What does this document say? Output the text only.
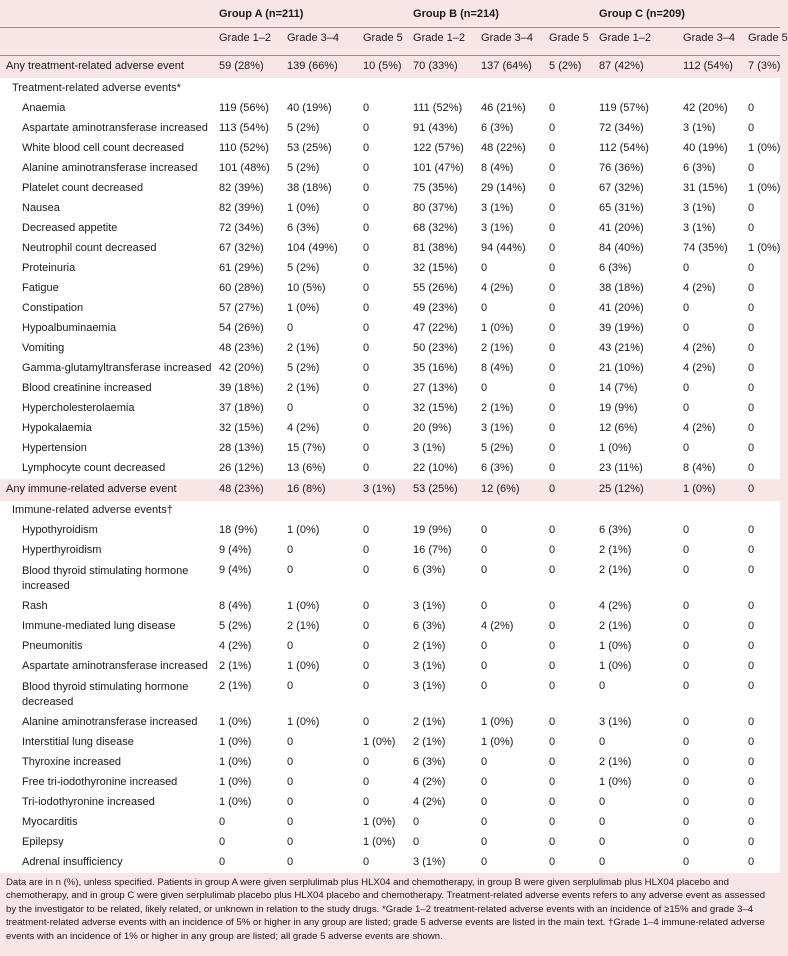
	Group A (n=211)			Group B (n=214)			Group C (n=209)		
	Grade 1–2	Grade 3–4	Grade 5	Grade 1–2	Grade 3–4	Grade 5	Grade 1–2	Grade 3–4	Grade 5
Any treatment-related adverse event	59 (28%)	139 (66%)	10 (5%)	70 (33%)	137 (64%)	5 (2%)	87 (42%)	112 (54%)	7 (3%)
Treatment-related adverse events*									
Anaemia	119 (56%)	40 (19%)	0	111 (52%)	46 (21%)	0	119 (57%)	42 (20%)	0
Aspartate aminotransferase increased	113 (54%)	5 (2%)	0	91 (43%)	6 (3%)	0	72 (34%)	3 (1%)	0
White blood cell count decreased	110 (52%)	53 (25%)	0	122 (57%)	48 (22%)	0	112 (54%)	40 (19%)	1 (0%)
Alanine aminotransferase increased	101 (48%)	5 (2%)	0	101 (47%)	8 (4%)	0	76 (36%)	6 (3%)	0
Platelet count decreased	82 (39%)	38 (18%)	0	75 (35%)	29 (14%)	0	67 (32%)	31 (15%)	1 (0%)
Nausea	82 (39%)	1 (0%)	0	80 (37%)	3 (1%)	0	65 (31%)	3 (1%)	0
Decreased appetite	72 (34%)	6 (3%)	0	68 (32%)	3 (1%)	0	41 (20%)	3 (1%)	0
Neutrophil count decreased	67 (32%)	104 (49%)	0	81 (38%)	94 (44%)	0	84 (40%)	74 (35%)	1 (0%)
Proteinuria	61 (29%)	5 (2%)	0	32 (15%)	0	0	6 (3%)	0	0
Fatigue	60 (28%)	10 (5%)	0	55 (26%)	4 (2%)	0	38 (18%)	4 (2%)	0
Constipation	57 (27%)	1 (0%)	0	49 (23%)	0	0	41 (20%)	0	0
Hypoalbuminaemia	54 (26%)	0	0	47 (22%)	1 (0%)	0	39 (19%)	0	0
Vomiting	48 (23%)	2 (1%)	0	50 (23%)	2 (1%)	0	43 (21%)	4 (2%)	0
Gamma-glutamyltransferase increased	42 (20%)	5 (2%)	0	35 (16%)	8 (4%)	0	21 (10%)	4 (2%)	0
Blood creatinine increased	39 (18%)	2 (1%)	0	27 (13%)	0	0	14 (7%)	0	0
Hypercholesterolaemia	37 (18%)	0	0	32 (15%)	2 (1%)	0	19 (9%)	0	0
Hypokalaemia	32 (15%)	4 (2%)	0	20 (9%)	3 (1%)	0	12 (6%)	4 (2%)	0
Hypertension	28 (13%)	15 (7%)	0	3 (1%)	5 (2%)	0	1 (0%)	0	0
Lymphocyte count decreased	26 (12%)	13 (6%)	0	22 (10%)	6 (3%)	0	23 (11%)	8 (4%)	0
Any immune-related adverse event	48 (23%)	16 (8%)	3 (1%)	53 (25%)	12 (6%)	0	25 (12%)	1 (0%)	0
Immune-related adverse events†									
Hypothyroidism	18 (9%)	1 (0%)	0	19 (9%)	0	0	6 (3%)	0	0
Hyperthyroidism	9 (4%)	0	0	16 (7%)	0	0	2 (1%)	0	0
Blood thyroid stimulating hormone increased	9 (4%)	0	0	6 (3%)	0	0	2 (1%)	0	0
Rash	8 (4%)	1 (0%)	0	3 (1%)	0	0	4 (2%)	0	0
Immune-mediated lung disease	5 (2%)	2 (1%)	0	6 (3%)	4 (2%)	0	2 (1%)	0	0
Pneumonitis	4 (2%)	0	0	2 (1%)	0	0	1 (0%)	0	0
Aspartate aminotransferase increased	2 (1%)	1 (0%)	0	3 (1%)	0	0	1 (0%)	0	0
Blood thyroid stimulating hormone decreased	2 (1%)	0	0	3 (1%)	0	0	0	0	0
Alanine aminotransferase increased	1 (0%)	1 (0%)	0	2 (1%)	1 (0%)	0	3 (1%)	0	0
Interstitial lung disease	1 (0%)	0	1 (0%)	2 (1%)	1 (0%)	0	0	0	0
Thyroxine increased	1 (0%)	0	0	6 (3%)	0	0	2 (1%)	0	0
Free tri-iodothyronine increased	1 (0%)	0	0	4 (2%)	0	0	1 (0%)	0	0
Tri-iodothyronine increased	1 (0%)	0	0	4 (2%)	0	0	0	0	0
Myocarditis	0	0	1 (0%)	0	0	0	0	0	0
Epilepsy	0	0	1 (0%)	0	0	0	0	0	0
Adrenal insufficiency	0	0	0	3 (1%)	0	0	0	0	0
Data are in n (%), unless specified. Patients in group A were given serplulimab plus HLX04 and chemotherapy, in group B were given serplulimab plus HLX04 placebo and chemotherapy, and in group C were given serplulimab placebo plus HLX04 placebo and chemotherapy. Treatment-related adverse events refers to any adverse event as assessed by the investigator to be related, likely related, or unknown in relation to the study drugs. *Grade 1–2 treatment-related adverse events with an incidence of ≥15% and grade 3–4 treatment-related adverse events with an incidence of 5% or higher in any group are listed; grade 5 adverse events are listed in the main text. †Grade 1–4 immune-related adverse events with an incidence of 1% or higher in any group are listed; all grade 5 adverse events are shown.
